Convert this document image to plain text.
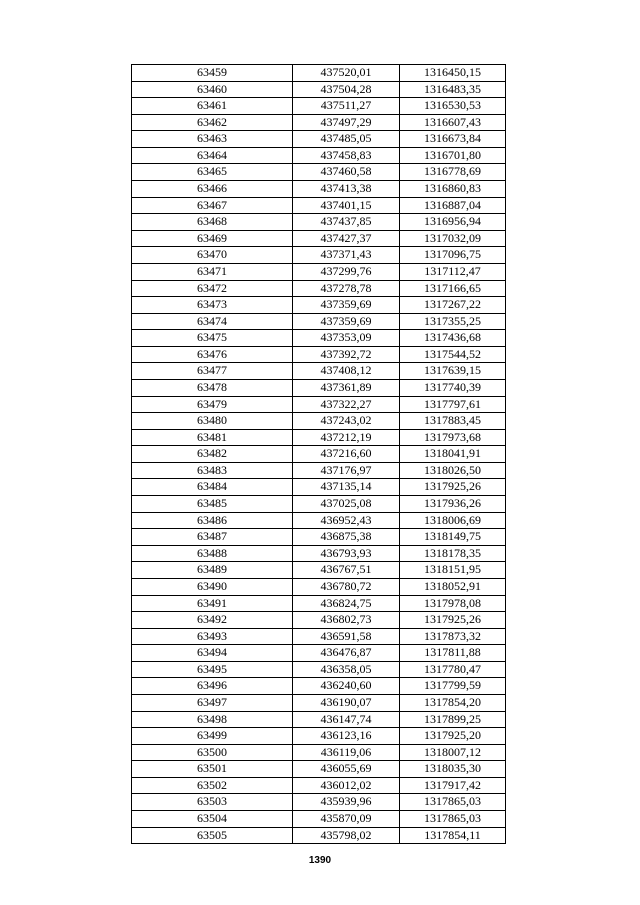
63459	437520,01	1316450,15
63460	437504,28	1316483,35
63461	437511,27	1316530,53
63462	437497,29	1316607,43
63463	437485,05	1316673,84
63464	437458,83	1316701,80
63465	437460,58	1316778,69
63466	437413,38	1316860,83
63467	437401,15	1316887,04
63468	437437,85	1316956,94
63469	437427,37	1317032,09
63470	437371,43	1317096,75
63471	437299,76	1317112,47
63472	437278,78	1317166,65
63473	437359,69	1317267,22
63474	437359,69	1317355,25
63475	437353,09	1317436,68
63476	437392,72	1317544,52
63477	437408,12	1317639,15
63478	437361,89	1317740,39
63479	437322,27	1317797,61
63480	437243,02	1317883,45
63481	437212,19	1317973,68
63482	437216,60	1318041,91
63483	437176,97	1318026,50
63484	437135,14	1317925,26
63485	437025,08	1317936,26
63486	436952,43	1318006,69
63487	436875,38	1318149,75
63488	436793,93	1318178,35
63489	436767,51	1318151,95
63490	436780,72	1318052,91
63491	436824,75	1317978,08
63492	436802,73	1317925,26
63493	436591,58	1317873,32
63494	436476,87	1317811,88
63495	436358,05	1317780,47
63496	436240,60	1317799,59
63497	436190,07	1317854,20
63498	436147,74	1317899,25
63499	436123,16	1317925,20
63500	436119,06	1318007,12
63501	436055,69	1318035,30
63502	436012,02	1317917,42
63503	435939,96	1317865,03
63504	435870,09	1317865,03
63505	435798,02	1317854,11
1390
